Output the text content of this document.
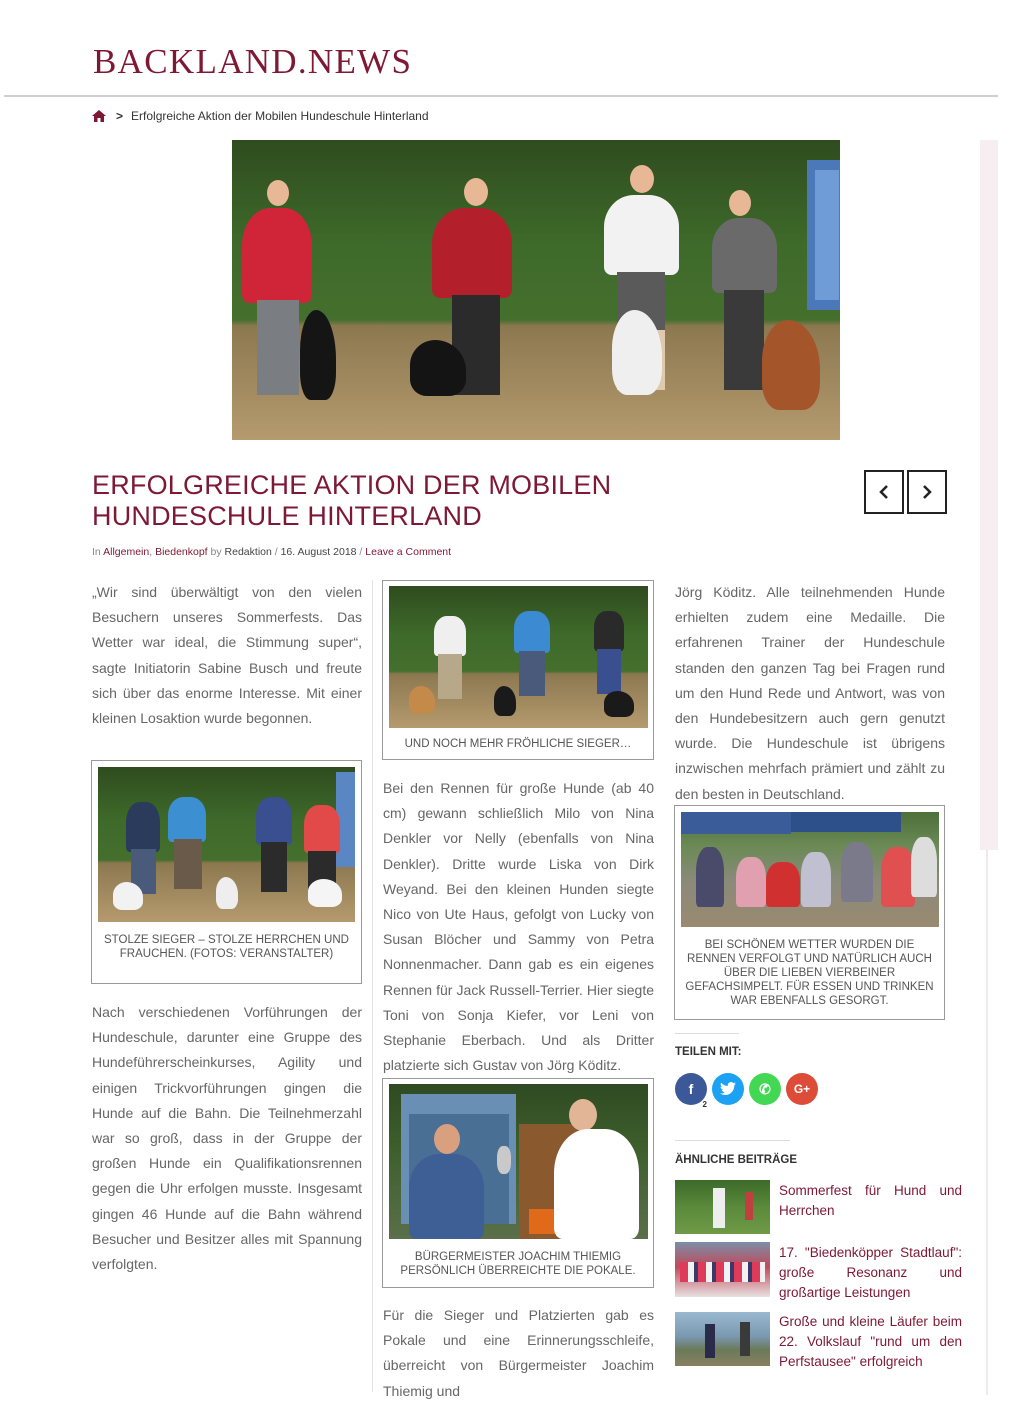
BACKLAND.NEWS
> Erfolgreiche Aktion der Mobilen Hundeschule Hinterland
ERFOLGREICHE AKTION DER MOBILEN HUNDESCHULE HINTERLAND
In Allgemein, Biedenkopf by Redaktion / 16. August 2018 / Leave a Comment

„Wir sind überwältigt von den vielen Besuchern unseres Sommerfests. Das Wetter war ideal, die Stimmung super“, sagte Initiatorin Sabine Busch und freute sich über das enorme Interesse. Mit einer kleinen Losaktion wurde begonnen.

STOLZE SIEGER – STOLZE HERRCHEN UND FRAUCHEN. (FOTOS: VERANSTALTER)

Nach verschiedenen Vorführungen der Hundeschule, darunter eine Gruppe des Hundeführerscheinkurses, Agility und einigen Trickvorführungen gingen die Hunde auf die Bahn. Die Teilnehmerzahl war so groß, dass in der Gruppe der großen Hunde ein Qualifikationsrennen gegen die Uhr erfolgen musste. Insgesamt gingen 46 Hunde auf die Bahn während Besucher und Besitzer alles mit Spannung verfolgten.

UND NOCH MEHR FRÖHLICHE SIEGER…

Bei den Rennen für große Hunde (ab 40 cm) gewann schließlich Milo von Nina Denkler vor Nelly (ebenfalls von Nina Denkler). Dritte wurde Liska von Dirk Weyand. Bei den kleinen Hunden siegte Nico von Ute Haus, gefolgt von Lucky von Susan Blöcher und Sammy von Petra Nonnenmacher. Dann gab es ein eigenes Rennen für Jack Russell-Terrier. Hier siegte Toni von Sonja Kiefer, vor Leni von Stephanie Eberbach. Und als Dritter platzierte sich Gustav von Jörg Köditz.

BÜRGERMEISTER JOACHIM THIEMIG PERSÖNLICH ÜBERREICHTE DIE POKALE.

Für die Sieger und Platzierten gab es Pokale und eine Erinnerungsschleife, überreicht von Bürgermeister Joachim Thiemig und

Jörg Köditz. Alle teilnehmenden Hunde erhielten zudem eine Medaille. Die erfahrenen Trainer der Hundeschule standen den ganzen Tag bei Fragen rund um den Hund Rede und Antwort, was von den Hundebesitzern auch gern genutzt wurde. Die Hundeschule ist übrigens inzwischen mehrfach prämiert und zählt zu den besten in Deutschland.

BEI SCHÖNEM WETTER WURDEN DIE RENNEN VERFOLGT UND NATÜRLICH AUCH ÜBER DIE LIEBEN VIERBEINER GEFACHSIMPELT. FÜR ESSEN UND TRINKEN WAR EBENFALLS GESORGT.
TEILEN MIT:
f
2
✆ G+
ÄHNLICHE BEITRÄGE
Sommerfest für Hund und Herrchen
17. "Biedenköpper Stadtlauf": große Resonanz und großartige Leistungen
Große und kleine Läufer beim 22. Volkslauf "rund um den Perfstausee" erfolgreich
